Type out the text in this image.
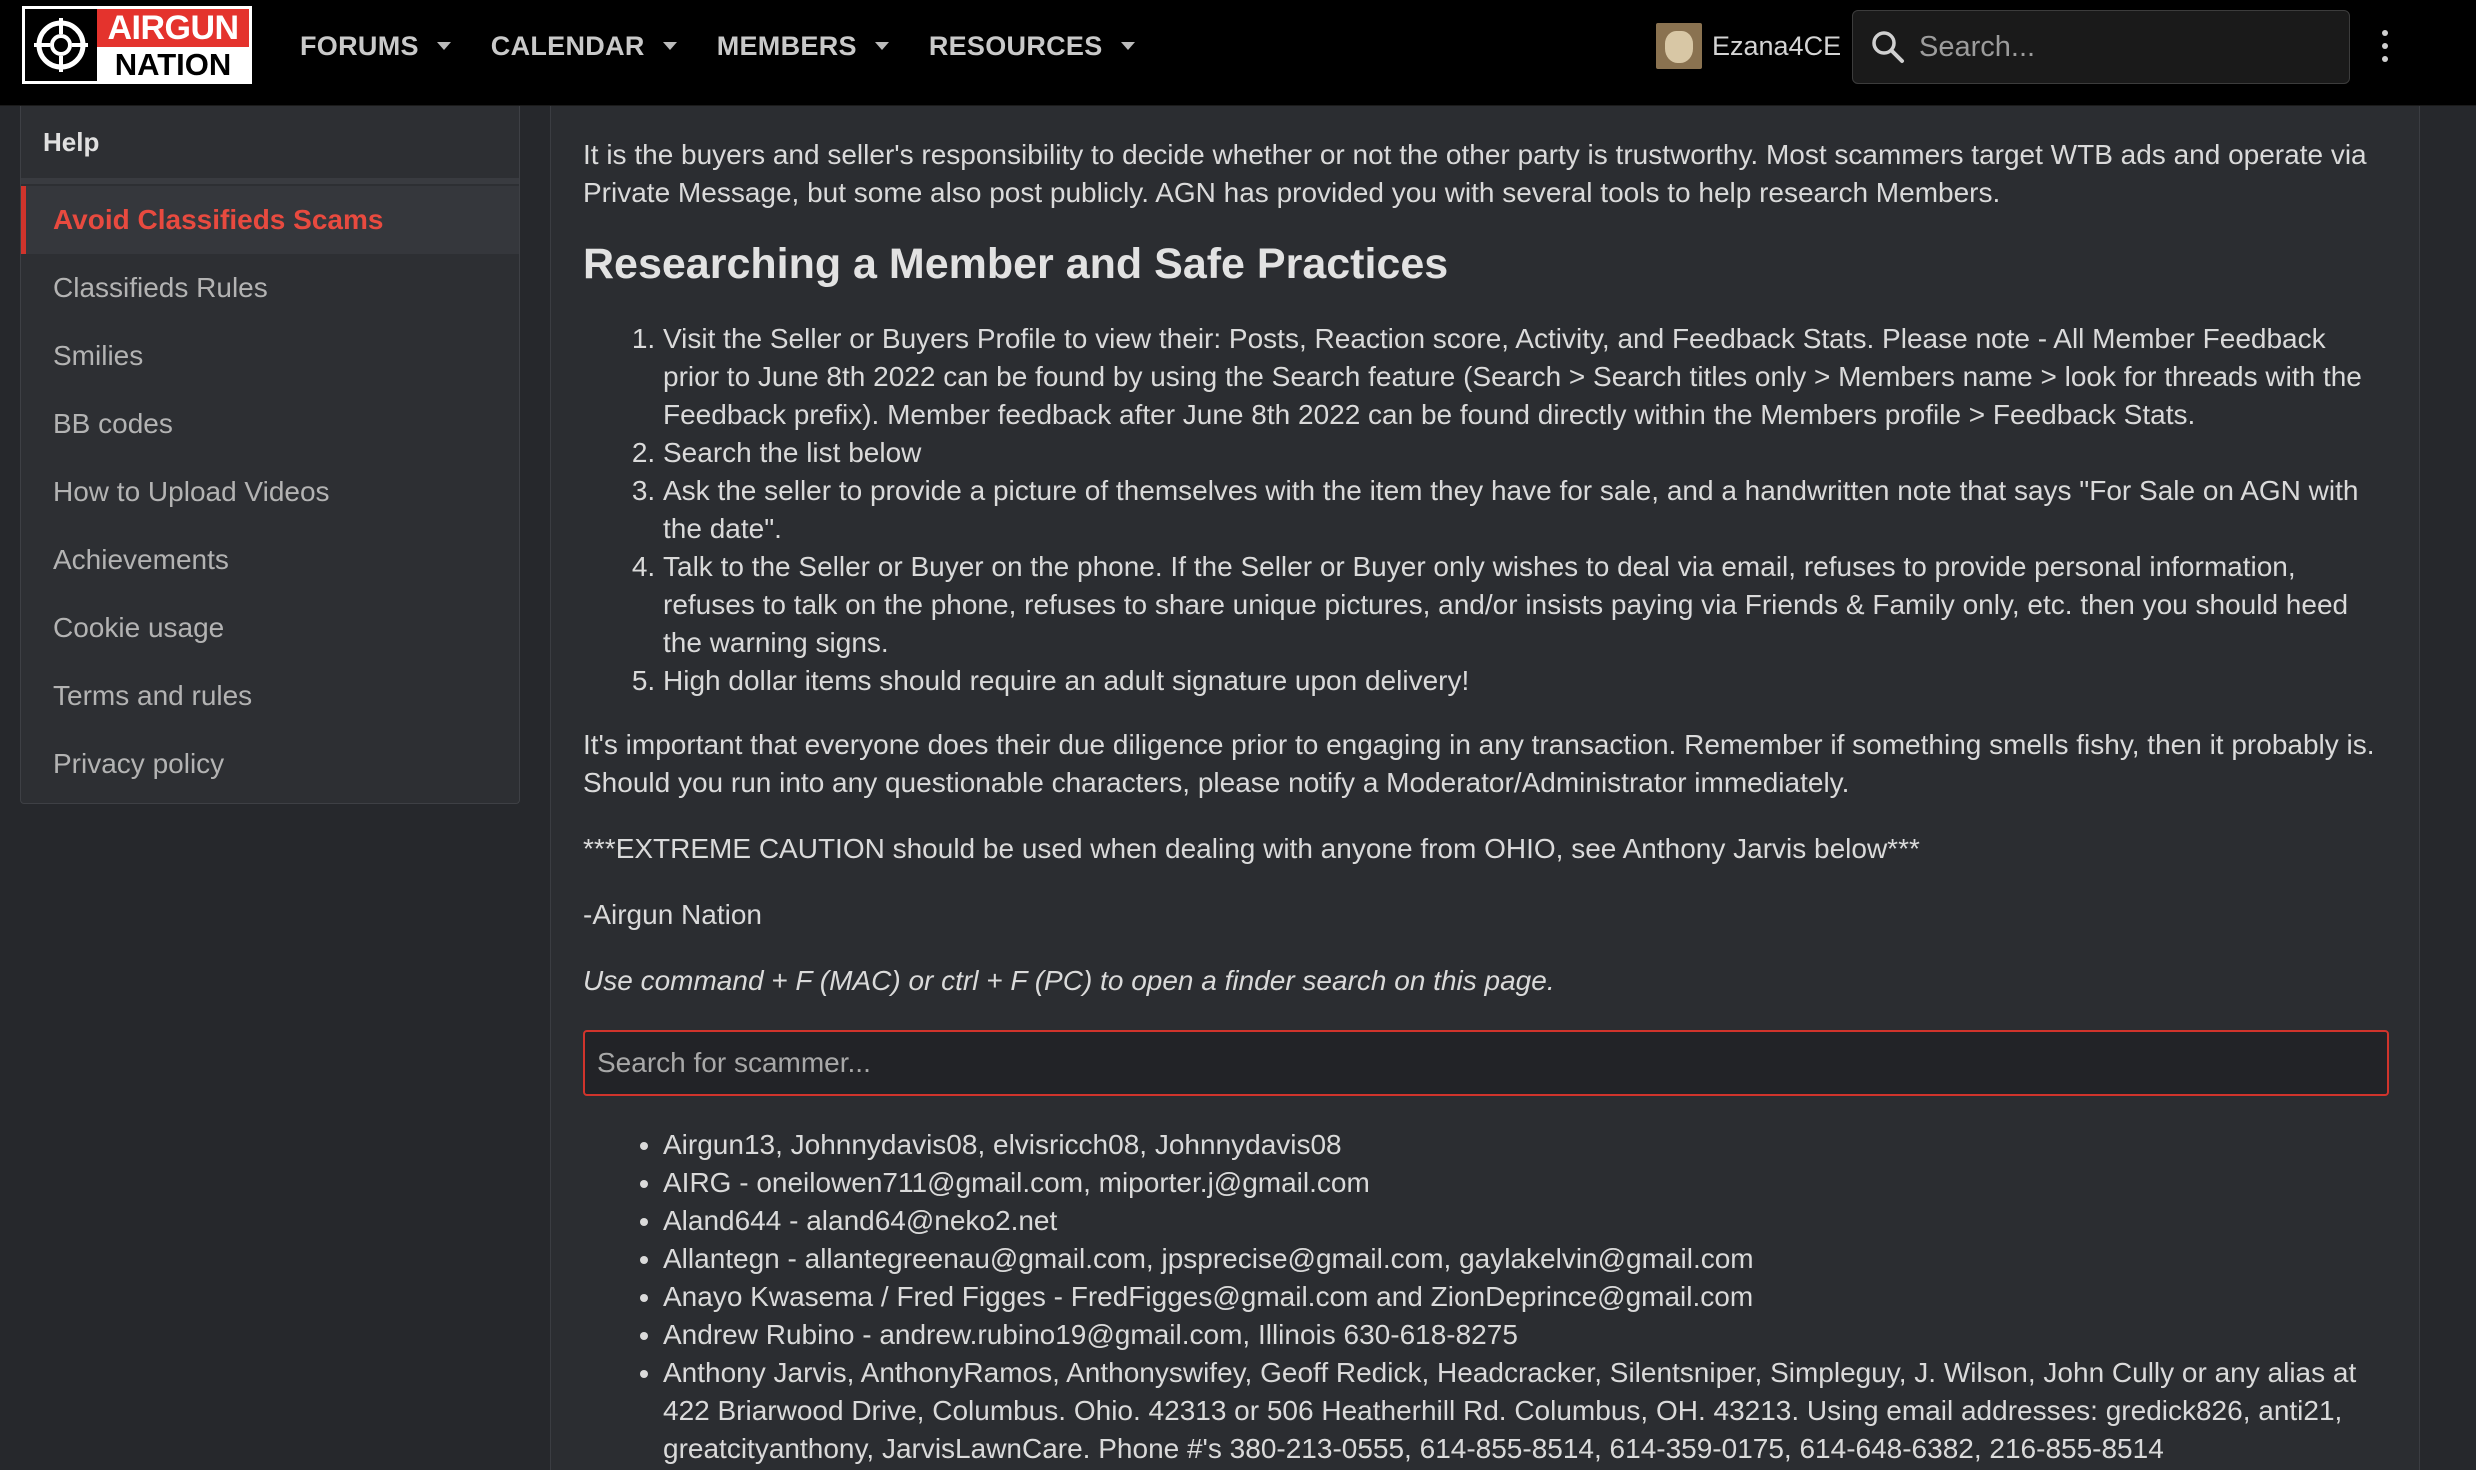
AIRGUN
NATION
FORUMS	CALENDAR	MEMBERS	RESOURCES	Ezana4CE	Search...
Help
Avoid Classifieds Scams
Classifieds Rules
Smilies
BB codes
How to Upload Videos
Achievements
Cookie usage
Terms and rules
Privacy policy

It is the buyers and seller's responsibility to decide whether or not the other party is trustworthy. Most scammers target WTB ads and operate via Private Message, but some also post publicly. AGN has provided you with several tools to help research Members.

Researching a Member and Safe Practices
1. Visit the Seller or Buyers Profile to view their: Posts, Reaction score, Activity, and Feedback Stats. Please note - All Member Feedback prior to June 8th 2022 can be found by using the Search feature (Search > Search titles only > Members name > look for threads with the Feedback prefix). Member feedback after June 8th 2022 can be found directly within the Members profile > Feedback Stats.
2. Search the list below
3. Ask the seller to provide a picture of themselves with the item they have for sale, and a handwritten note that says "For Sale on AGN with the date".
4. Talk to the Seller or Buyer on the phone. If the Seller or Buyer only wishes to deal via email, refuses to provide personal information, refuses to talk on the phone, refuses to share unique pictures, and/or insists paying via Friends & Family only, etc. then you should heed the warning signs.
5. High dollar items should require an adult signature upon delivery!

It's important that everyone does their due diligence prior to engaging in any transaction. Remember if something smells fishy, then it probably is. Should you run into any questionable characters, please notify a Moderator/Administrator immediately.

***EXTREME CAUTION should be used when dealing with anyone from OHIO, see Anthony Jarvis below***

-Airgun Nation

Use command + F (MAC) or ctrl + F (PC) to open a finder search on this page.

Search for scammer...
• Airgun13, Johnnydavis08, elvisricch08, Johnnydavis08
• AIRG - oneilowen711@gmail.com, miporter.j@gmail.com
• Aland644 - aland64@neko2.net
• Allantegn - allantegreenau@gmail.com, jpsprecise@gmail.com, gaylakelvin@gmail.com
• Anayo Kwasema / Fred Figges - FredFigges@gmail.com and ZionDeprince@gmail.com
• Andrew Rubino - andrew.rubino19@gmail.com, Illinois 630-618-8275
• Anthony Jarvis, AnthonyRamos, Anthonyswifey, Geoff Redick, Headcracker, Silentsniper, Simpleguy, J. Wilson, John Cully or any alias at 422 Briarwood Drive, Columbus. Ohio. 42313 or 506 Heatherhill Rd. Columbus, OH. 43213. Using email addresses: gredick826, anti21, greatcityanthony, JarvisLawnCare. Phone #'s 380-213-0555, 614-855-8514, 614-359-0175, 614-648-6382, 216-855-8514
